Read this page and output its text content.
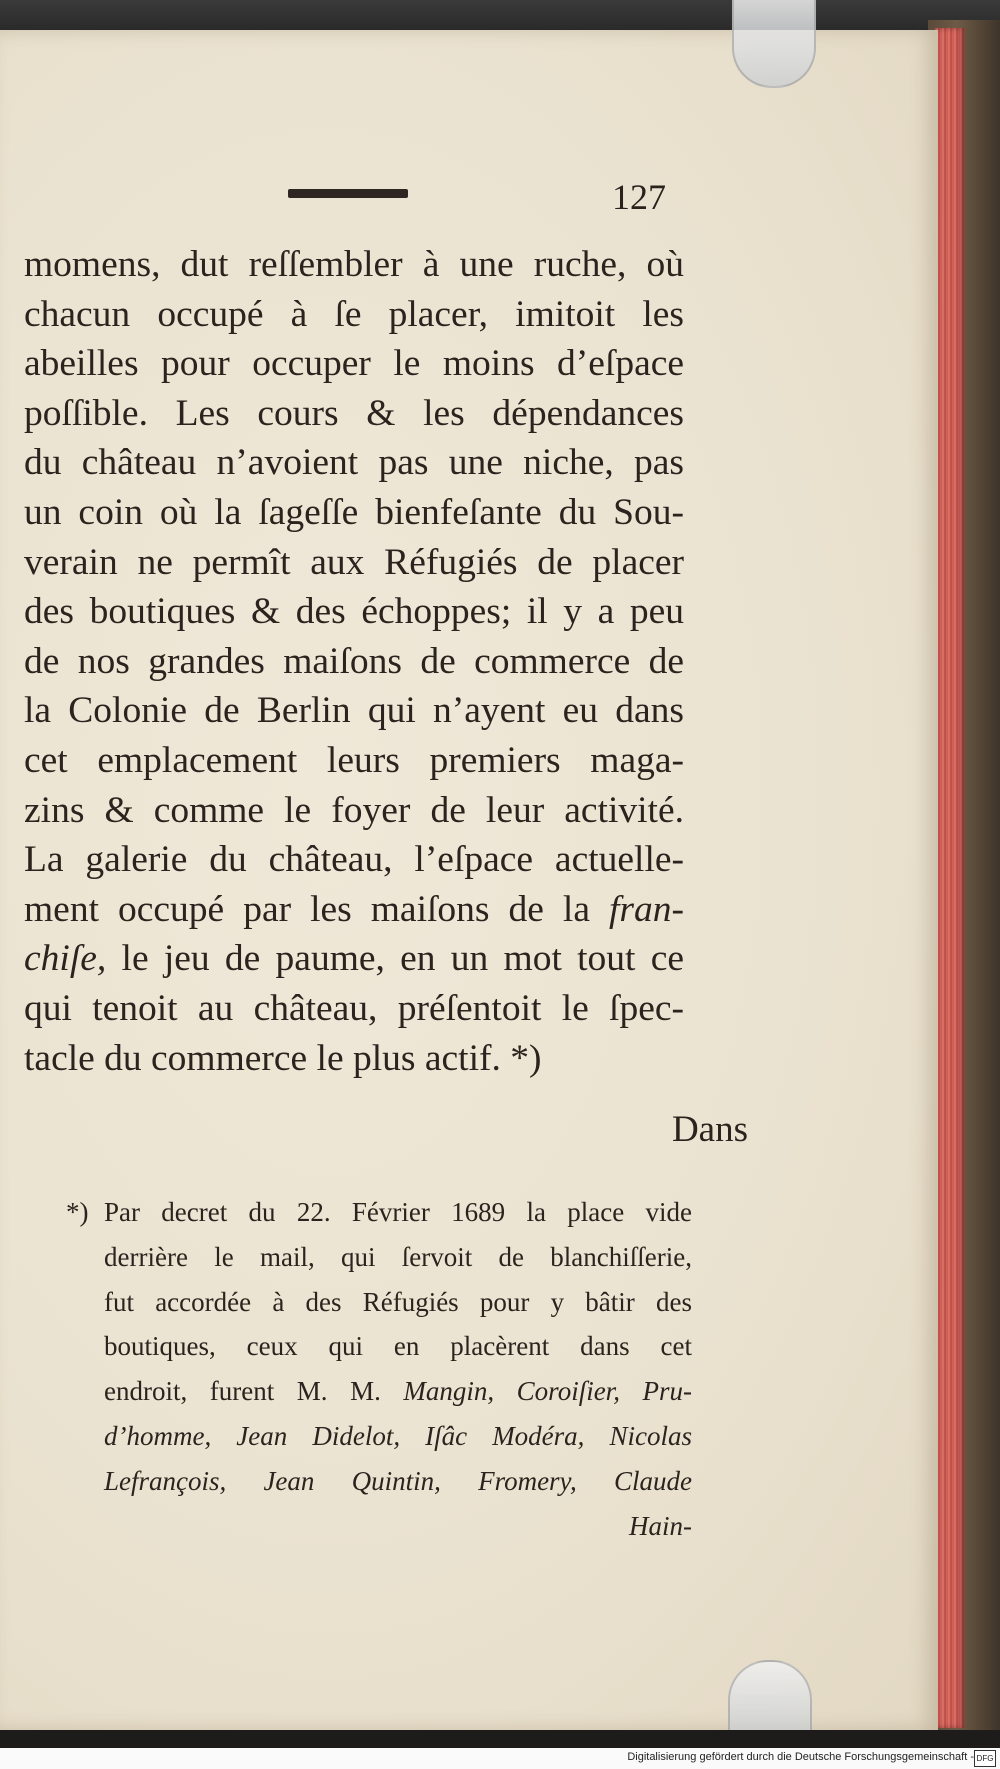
127
momens, dut reſſembler à une ruche, où
chacun occupé à ſe placer, imitoit les
abeilles pour occuper le moins d’eſpace
poſſible. Les cours & les dépendances
du château n’avoient pas une niche, pas
un coin où la ſageſſe bienfeſante du Sou-
verain ne permît aux Réfugiés de placer
des boutiques & des échoppes; il y a peu
de nos grandes maiſons de commerce de
la Colonie de Berlin qui n’ayent eu dans
cet emplacement leurs premiers maga-
zins & comme le foyer de leur activité.
La galerie du château, l’eſpace actuelle-
ment occupé par les maiſons de la fran-
chiſe, le jeu de paume, en un mot tout ce
qui tenoit au château, préſentoit le ſpec-
tacle du commerce le plus actif. *)
Dans
*) Par decret du 22. Février 1689 la place vide
derrière le mail, qui ſervoit de blanchiſſerie,
fut accordée à des Réfugiés pour y bâtir des
boutiques, ceux qui en placèrent dans cet
endroit, furent M. M. Mangin, Coroiſier, Pru-
d’homme, Jean Didelot, Iſâc Modéra, Nicolas
Lefrançois, Jean Quintin, Fromery, Claude
Hain-
Digitalisierung gefördert durch die Deutsche Forschungsgemeinschaft - DFG
